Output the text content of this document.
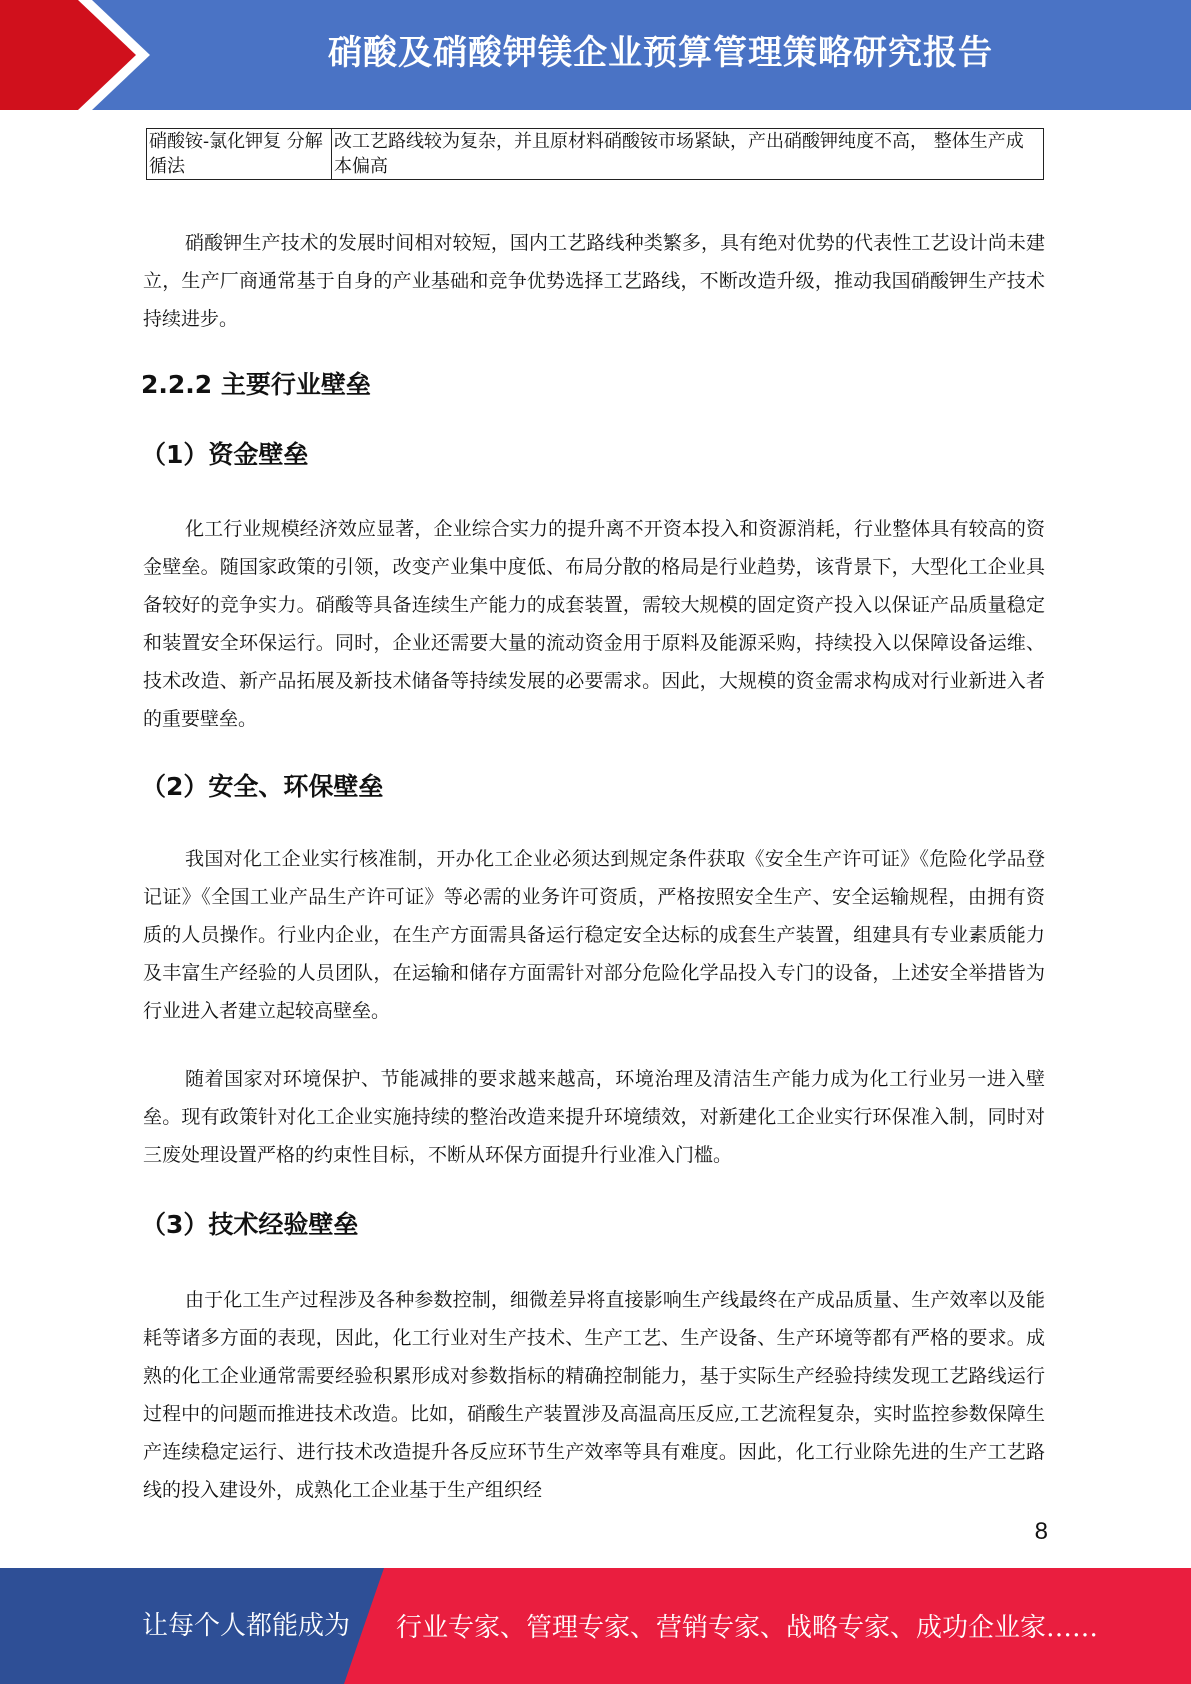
硝酸及硝酸钾镁企业预算管理策略研究报告
硝酸铵-氯化钾复 分解循法	改工艺路线较为复杂，并且原材料硝酸铵市场紧缺，产出硝酸钾纯度不高， 整体生产成本偏高

硝酸钾生产技术的发展时间相对较短，国内工艺路线种类繁多，具有绝对优势的代表性工艺设计尚未建立，生产厂商通常基于自身的产业基础和竞争优势选择工艺路线，不断改造升级，推动我国硝酸钾生产技术持续进步。

2.2.2 主要行业壁垒
（1）资金壁垒

化工行业规模经济效应显著，企业综合实力的提升离不开资本投入和资源消耗，行业整体具有较高的资金壁垒。随国家政策的引领，改变产业集中度低、布局分散的格局是行业趋势，该背景下，大型化工企业具备较好的竞争实力。硝酸等具备连续生产能力的成套装置，需较大规模的固定资产投入以保证产品质量稳定和装置安全环保运行。同时，企业还需要大量的流动资金用于原料及能源采购，持续投入以保障设备运维、技术改造、新产品拓展及新技术储备等持续发展的必要需求。因此，大规模的资金需求构成对行业新进入者的重要壁垒。

（2）安全、环保壁垒

我国对化工企业实行核准制，开办化工企业必须达到规定条件获取《安全生产许可证》《危险化学品登记证》《全国工业产品生产许可证》等必需的业务许可资质，严格按照安全生产、安全运输规程，由拥有资质的人员操作。行业内企业，在生产方面需具备运行稳定安全达标的成套生产装置，组建具有专业素质能力及丰富生产经验的人员团队，在运输和储存方面需针对部分危险化学品投入专门的设备，上述安全举措皆为行业进入者建立起较高壁垒。

随着国家对环境保护、节能减排的要求越来越高，环境治理及清洁生产能力成为化工行业另一进入壁垒。现有政策针对化工企业实施持续的整治改造来提升环境绩效，对新建化工企业实行环保准入制，同时对三废处理设置严格的约束性目标，不断从环保方面提升行业准入门槛。

（3）技术经验壁垒

由于化工生产过程涉及各种参数控制，细微差异将直接影响生产线最终在产成品质量、生产效率以及能耗等诸多方面的表现，因此，化工行业对生产技术、生产工艺、生产设备、生产环境等都有严格的要求。成熟的化工企业通常需要经验积累形成对参数指标的精确控制能力，基于实际生产经验持续发现工艺路线运行过程中的问题而推进技术改造。比如，硝酸生产装置涉及高温高压反应,工艺流程复杂，实时监控参数保障生产连续稳定运行、进行技术改造提升各反应环节生产效率等具有难度。因此，化工行业除先进的生产工艺路线的投入建设外，成熟化工企业基于生产组织经

8
让每个人都能成为 行业专家、管理专家、营销专家、战略专家、成功企业家……
